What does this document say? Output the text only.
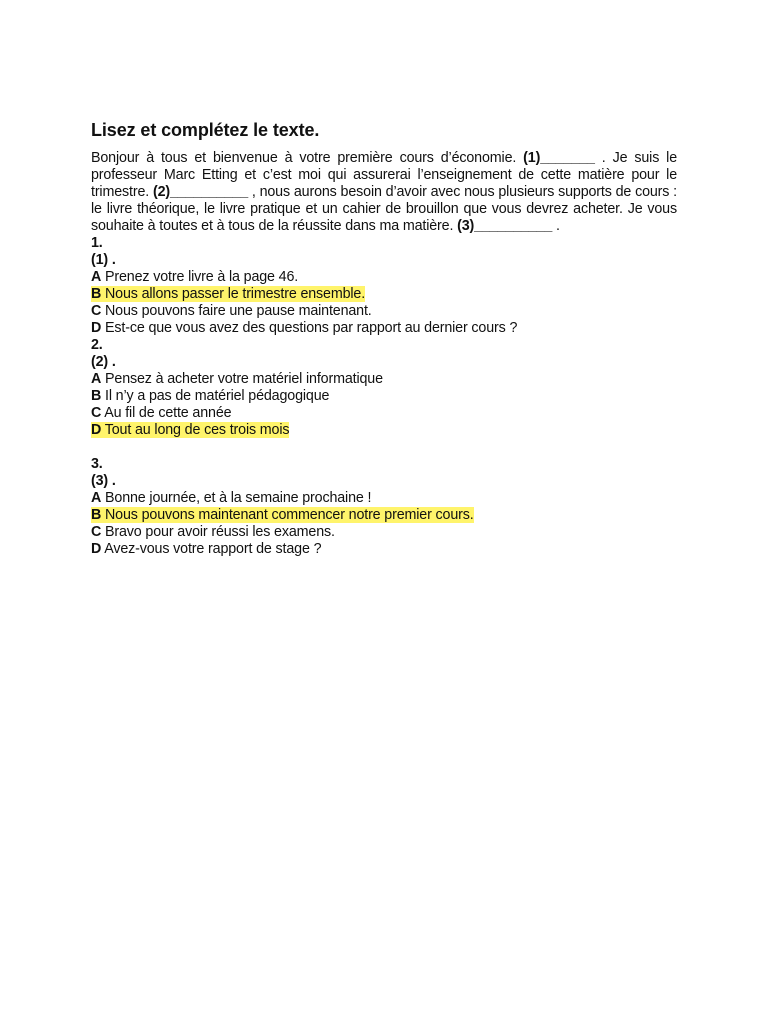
Lisez et complétez le texte.

Bonjour à tous et bienvenue à votre première cours d’économie. (1)_______ . Je suis le professeur Marc Etting et c’est moi qui assurerai l’enseignement de cette matière pour le trimestre. (2)__________ , nous aurons besoin d’avoir avec nous plusieurs supports de cours : le livre théorique, le livre pratique et un cahier de brouillon que vous devrez acheter. Je vous souhaite à toutes et à tous de la réussite dans ma matière. (3)__________ .

1.

(1) .

A Prenez votre livre à la page 46.

B Nous allons passer le trimestre ensemble.

C Nous pouvons faire une pause maintenant.

D Est-ce que vous avez des questions par rapport au dernier cours ?

2.

(2) .

A Pensez à acheter votre matériel informatique

B Il n’y a pas de matériel pédagogique

C Au fil de cette année

D Tout au long de ces trois mois

3.

(3) .

A Bonne journée, et à la semaine prochaine !

B Nous pouvons maintenant commencer notre premier cours.

C Bravo pour avoir réussi les examens.

D Avez-vous votre rapport de stage ?
